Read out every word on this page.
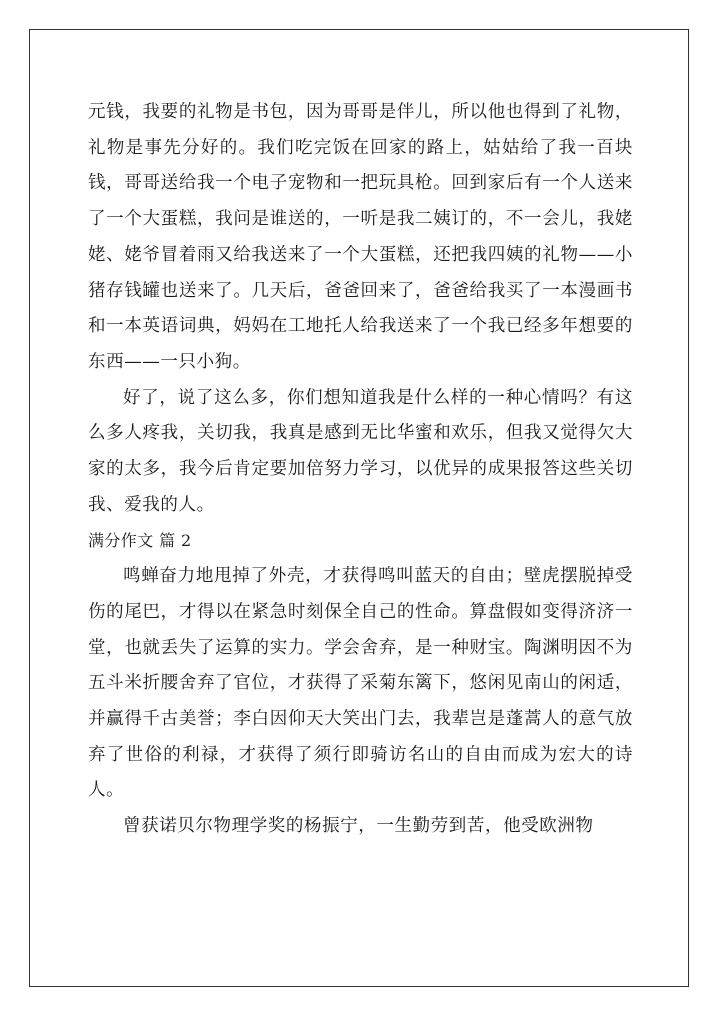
元钱，我要的礼物是书包，因为哥哥是伴儿，所以他也得到了礼物，礼物是事先分好的。我们吃完饭在回家的路上，姑姑给了我一百块钱，哥哥送给我一个电子宠物和一把玩具枪。回到家后有一个人送来了一个大蛋糕，我问是谁送的，一听是我二姨订的，不一会儿，我姥姥、姥爷冒着雨又给我送来了一个大蛋糕，还把我四姨的礼物——小猪存钱罐也送来了。几天后，爸爸回来了，爸爸给我买了一本漫画书和一本英语词典，妈妈在工地托人给我送来了一个我已经多年想要的东西——一只小狗。

好了，说了这么多，你们想知道我是什么样的一种心情吗？有这么多人疼我，关切我，我真是感到无比华蜜和欢乐，但我又觉得欠大家的太多，我今后肯定要加倍努力学习，以优异的成果报答这些关切我、爱我的人。

满分作文 篇 2

鸣蝉奋力地甩掉了外壳，才获得鸣叫蓝天的自由；壁虎摆脱掉受伤的尾巴，才得以在紧急时刻保全自己的性命。算盘假如变得济济一堂，也就丢失了运算的实力。学会舍弃，是一种财宝。陶渊明因不为五斗米折腰舍弃了官位，才获得了采菊东篱下，悠闲见南山的闲适，并赢得千古美誉；李白因仰天大笑出门去，我辈岂是蓬蒿人的意气放弃了世俗的利禄，才获得了须行即骑访名山的自由而成为宏大的诗人。

曾获诺贝尔物理学奖的杨振宁，一生勤劳到苦，他受欧洲物
